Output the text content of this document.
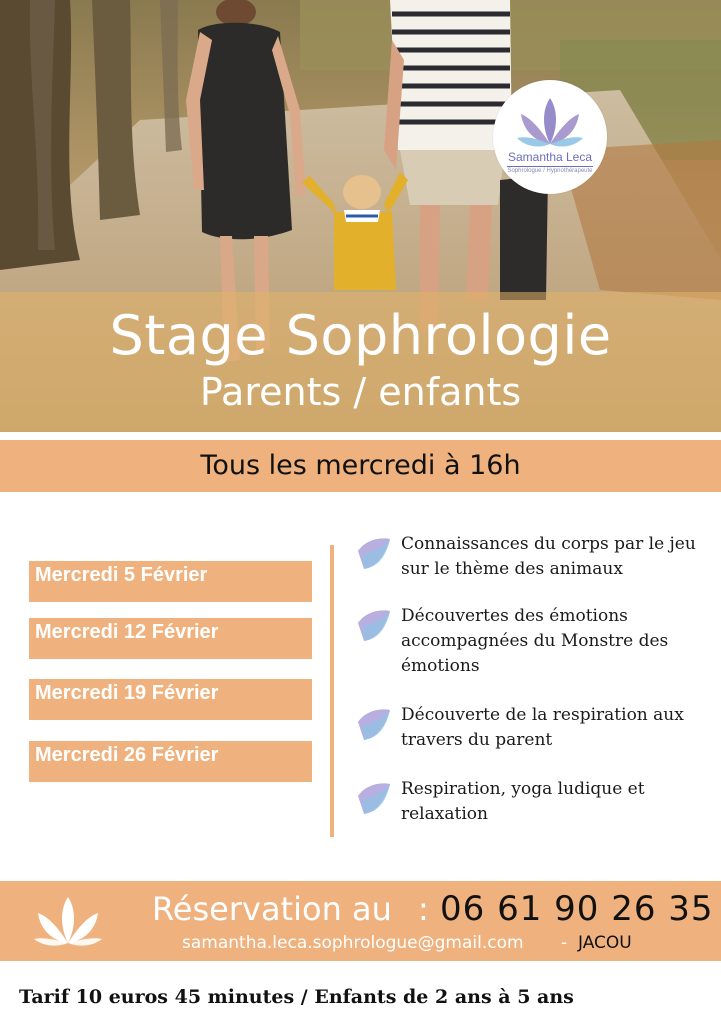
Stage Sophrologie
Parents / enfants
Samantha Leca
Sophrologue / Hypnothérapeute
Tous les mercredi à 16h
Mercredi 5 Février
Mercredi 12 Février
Mercredi 19 Février
Mercredi 26 Février
Connaissances du corps par le jeu sur le thème des animaux
Découvertes des émotions accompagnées du Monstre des émotions
Découverte de la respiration aux travers du parent
Respiration, yoga ludique et relaxation
Réservation au : 06 61 90 26 35
samantha.leca.sophrologue@gmail.com - JACOU
Tarif 10 euros 45 minutes / Enfants de 2 ans à 5 ans
